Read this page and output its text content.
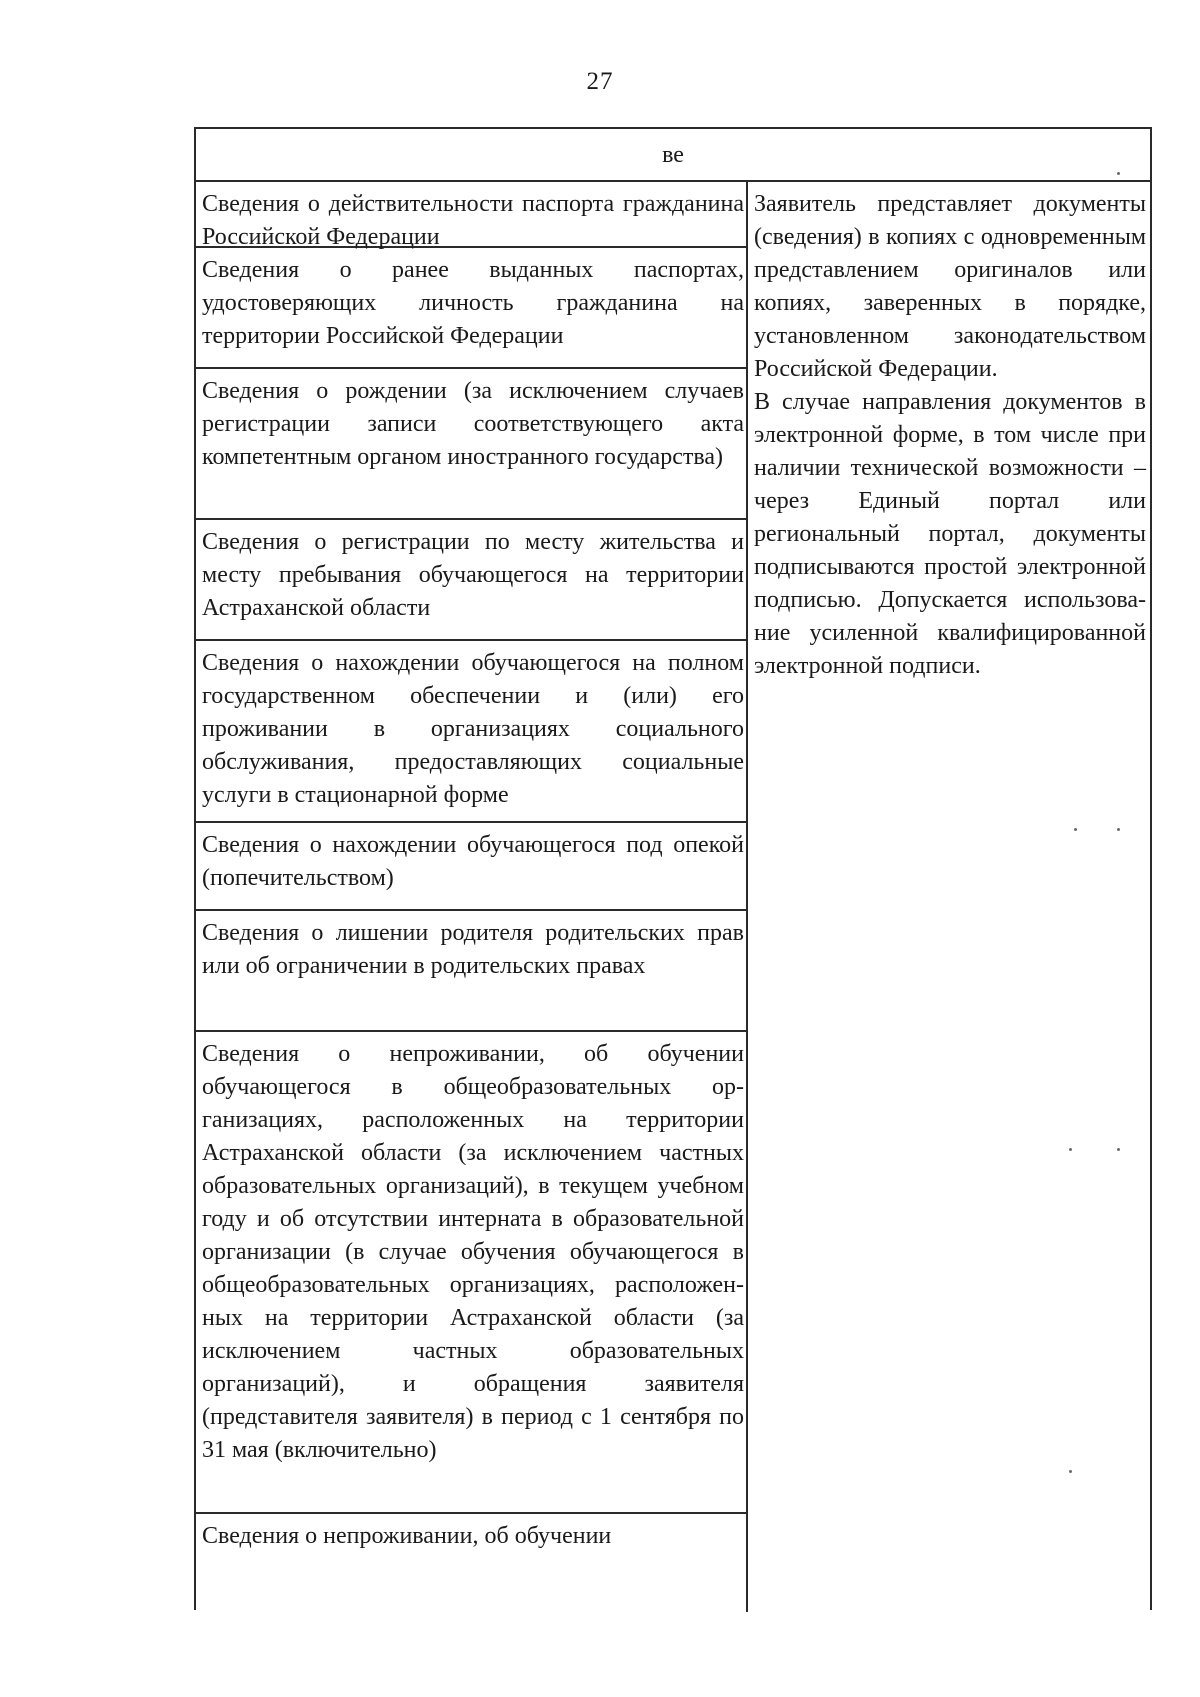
27
ве
Сведения о действительности паспорта гражданина Российской Федерации
Сведения о ранее выданных паспортах, удостоверяющих личность гражданина на территории Российской Федерации
Сведения о рождении (за исключением случаев регистрации записи соответствующего акта компетентным органом иностранного государства)
Сведения о регистрации по месту жительства и месту пребывания обучающегося на территории Астраханской области
Сведения о нахождении обучающегося на полном государственном обеспечении и (или) его проживании в организациях социального обслуживания, предоставляющих социальные услуги в стационарной форме
Сведения о нахождении обучающегося под опекой (попечительством)
Сведения о лишении родителя родительских прав или об ограничении в родительских правах
Сведения о непроживании, об обучении обучающегося в общеобразовательных организациях, расположенных на территории Астраханской области (за исключением частных образовательных организаций), в текущем учебном году и об отсутствии интерната в образовательной организации (в случае обучения обучающегося в общеобразовательных организациях, расположенных на территории Астраханской области (за исключением частных образовательных организаций), и обращения заявителя (представителя заявителя) в период с 1 сентября по 31 мая (включительно)
Сведения о непроживании, об обучении

Заявитель представляет документы (сведения) в копиях с одновременным представлением оригиналов или копиях, заверенных в порядке, установленном законодательством Российской Федерации.

В случае направления документов в электронной форме, в том числе при наличии технической возможности – через Единый портал или региональный портал, документы подписываются простой электронной подписью. Допускается использование усиленной квалифицированной электронной подписи.
